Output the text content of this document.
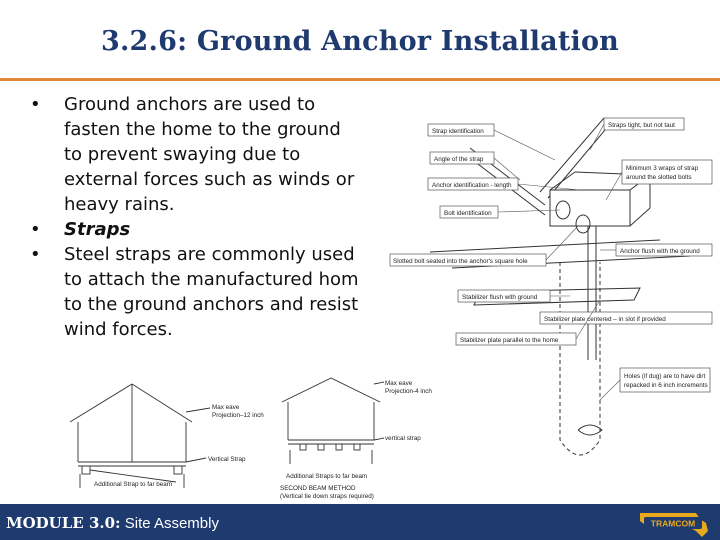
3.2.6: Ground Anchor Installation
• Ground anchors are used to
fasten the home to the ground
to prevent swaying due to
external forces such as winds or
heavy rains.
• Straps
• Steel straps are commonly used
to attach the manufactured hom
to the ground anchors and resist
wind forces.
Strap identification
Angle of the strap
Anchor identification - length
Bolt identification
Slotted bolt seated into the anchor's square hole
Stabilizer flush with ground
Stabilizer plate parallel to the home
Straps tight, but not taut
Minimum 3 wraps of strap
around the slotted bolts
Anchor flush with the ground
Stabilizer plate centered – in slot if provided
Holes (if dug) are to have dirt
repacked in 6 inch increments
Max eave
Projection–12 inch
Vertical Strap
Additional Strap to far beam
Max eave
Projection-4 inch
vertical strap
Additional Straps to far beam
SECOND BEAM METHOD
(Vertical tie down straps required)
MODULE 3.0: Site Assembly	TRAMCOM
